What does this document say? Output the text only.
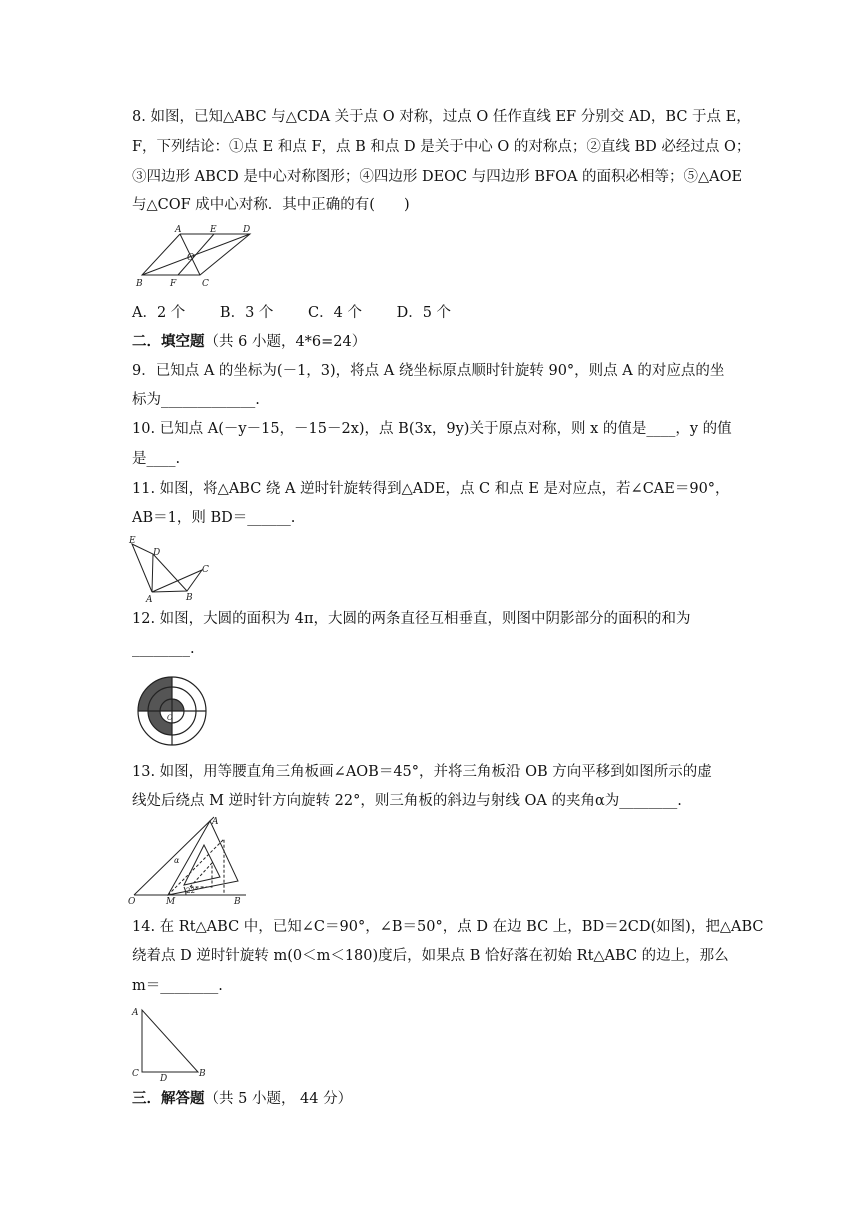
8. 如图，已知△ABC 与△CDA 关于点 O 对称，过点 O 任作直线 EF 分别交 AD，BC 于点 E，
F，下列结论：①点 E 和点 F，点 B 和点 D 是关于中心 O 的对称点；②直线 BD 必经过点 O；
③四边形 ABCD 是中心对称图形；④四边形 DEOC 与四边形 BFOA 的面积必相等；⑤△AOE
与△COF 成中心对称．其中正确的有(　　)
A	E	D
O
B	F	C
A．2 个 B．3 个 C．4 个 D．5 个
二．填空题（共 6 小题，4*6=24）
9．已知点 A 的坐标为(－1，3)，将点 A 绕坐标原点顺时针旋转 90°，则点 A 的对应点的坐
标为_____________.
10. 已知点 A(－y－15，－15－2x)，点 B(3x，9y)关于原点对称，则 x 的值是____，y 的值
是____.
11. 如图，将△ABC 绕 A 逆时针旋转得到△ADE，点 C 和点 E 是对应点，若∠CAE＝90°，
AB＝1，则 BD＝______.
E
D
C
A	B
12. 如图，大圆的面积为 4π，大圆的两条直径互相垂直，则图中阴影部分的面积的和为
________.
O
13. 如图，用等腰直角三角板画∠AOB＝45°，并将三角板沿 OB 方向平移到如图所示的虚
线处后绕点 M 逆时针方向旋转 22°，则三角板的斜边与射线 OA 的夹角α为________.
O	M	B
A
α
22°
14. 在 Rt△ABC 中，已知∠C＝90°，∠B＝50°，点 D 在边 BC 上，BD＝2CD(如图)，把△ABC
绕着点 D 逆时针旋转 m(0＜m＜180)度后，如果点 B 恰好落在初始 Rt△ABC 的边上，那么
m＝________.
A
C D	B
三．解答题（共 5 小题， 44 分）
